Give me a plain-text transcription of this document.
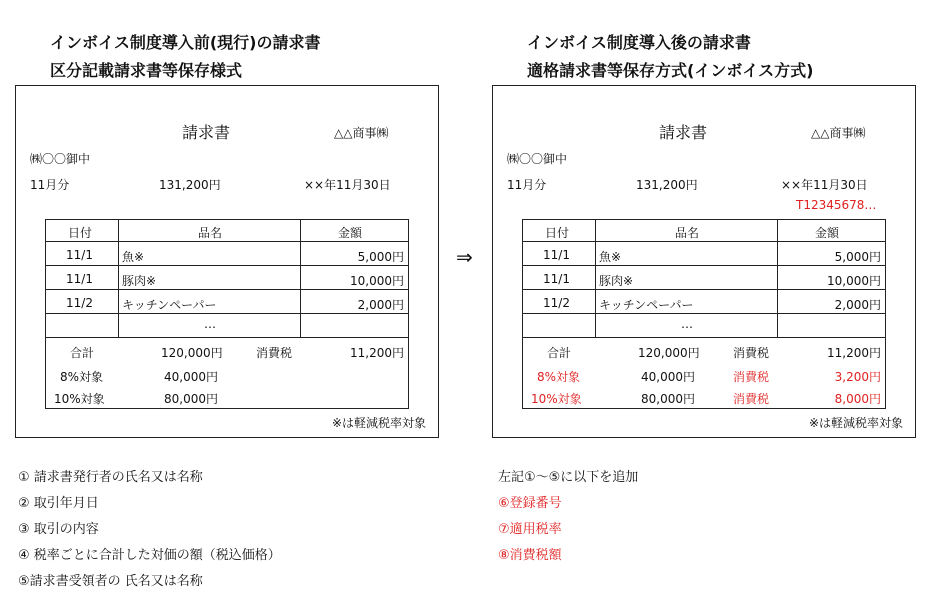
インボイス制度導入前(現行)の請求書
区分記載請求書等保存様式
インボイス制度導入後の請求書
適格請求書等保存方式(インボイス方式)
請求書	△△商事㈱
㈱〇〇御中
11月分	131,200円	××年11月30日
日付	品名	金額
11/1 魚※	5,000円
11/1 豚肉※	10,000円
11/2 キッチンペーパー	2,000円
…
合計	120,000円	消費税	11,200円
8%対象	40,000円
10%対象	80,000円
※は軽減税率対象
⇒
請求書	△△商事㈱
㈱〇〇御中
11月分	131,200円	××年11月30日
T12345678…
日付	品名	金額
11/1 魚※	5,000円
11/1 豚肉※	10,000円
11/2 キッチンペーパー	2,000円
…
合計	120,000円	消費税	11,200円
8%対象	40,000円	消費税	3,200円
10%対象	80,000円	消費税	8,000円
※は軽減税率対象
① 請求書発行者の氏名又は名称
② 取引年月日
③ 取引の内容
④ 税率ごとに合計した対価の額（税込価格）
⑤請求書受領者の 氏名又は名称
左記①～⑤に以下を追加
⑥登録番号
⑦適用税率
⑧消費税額
